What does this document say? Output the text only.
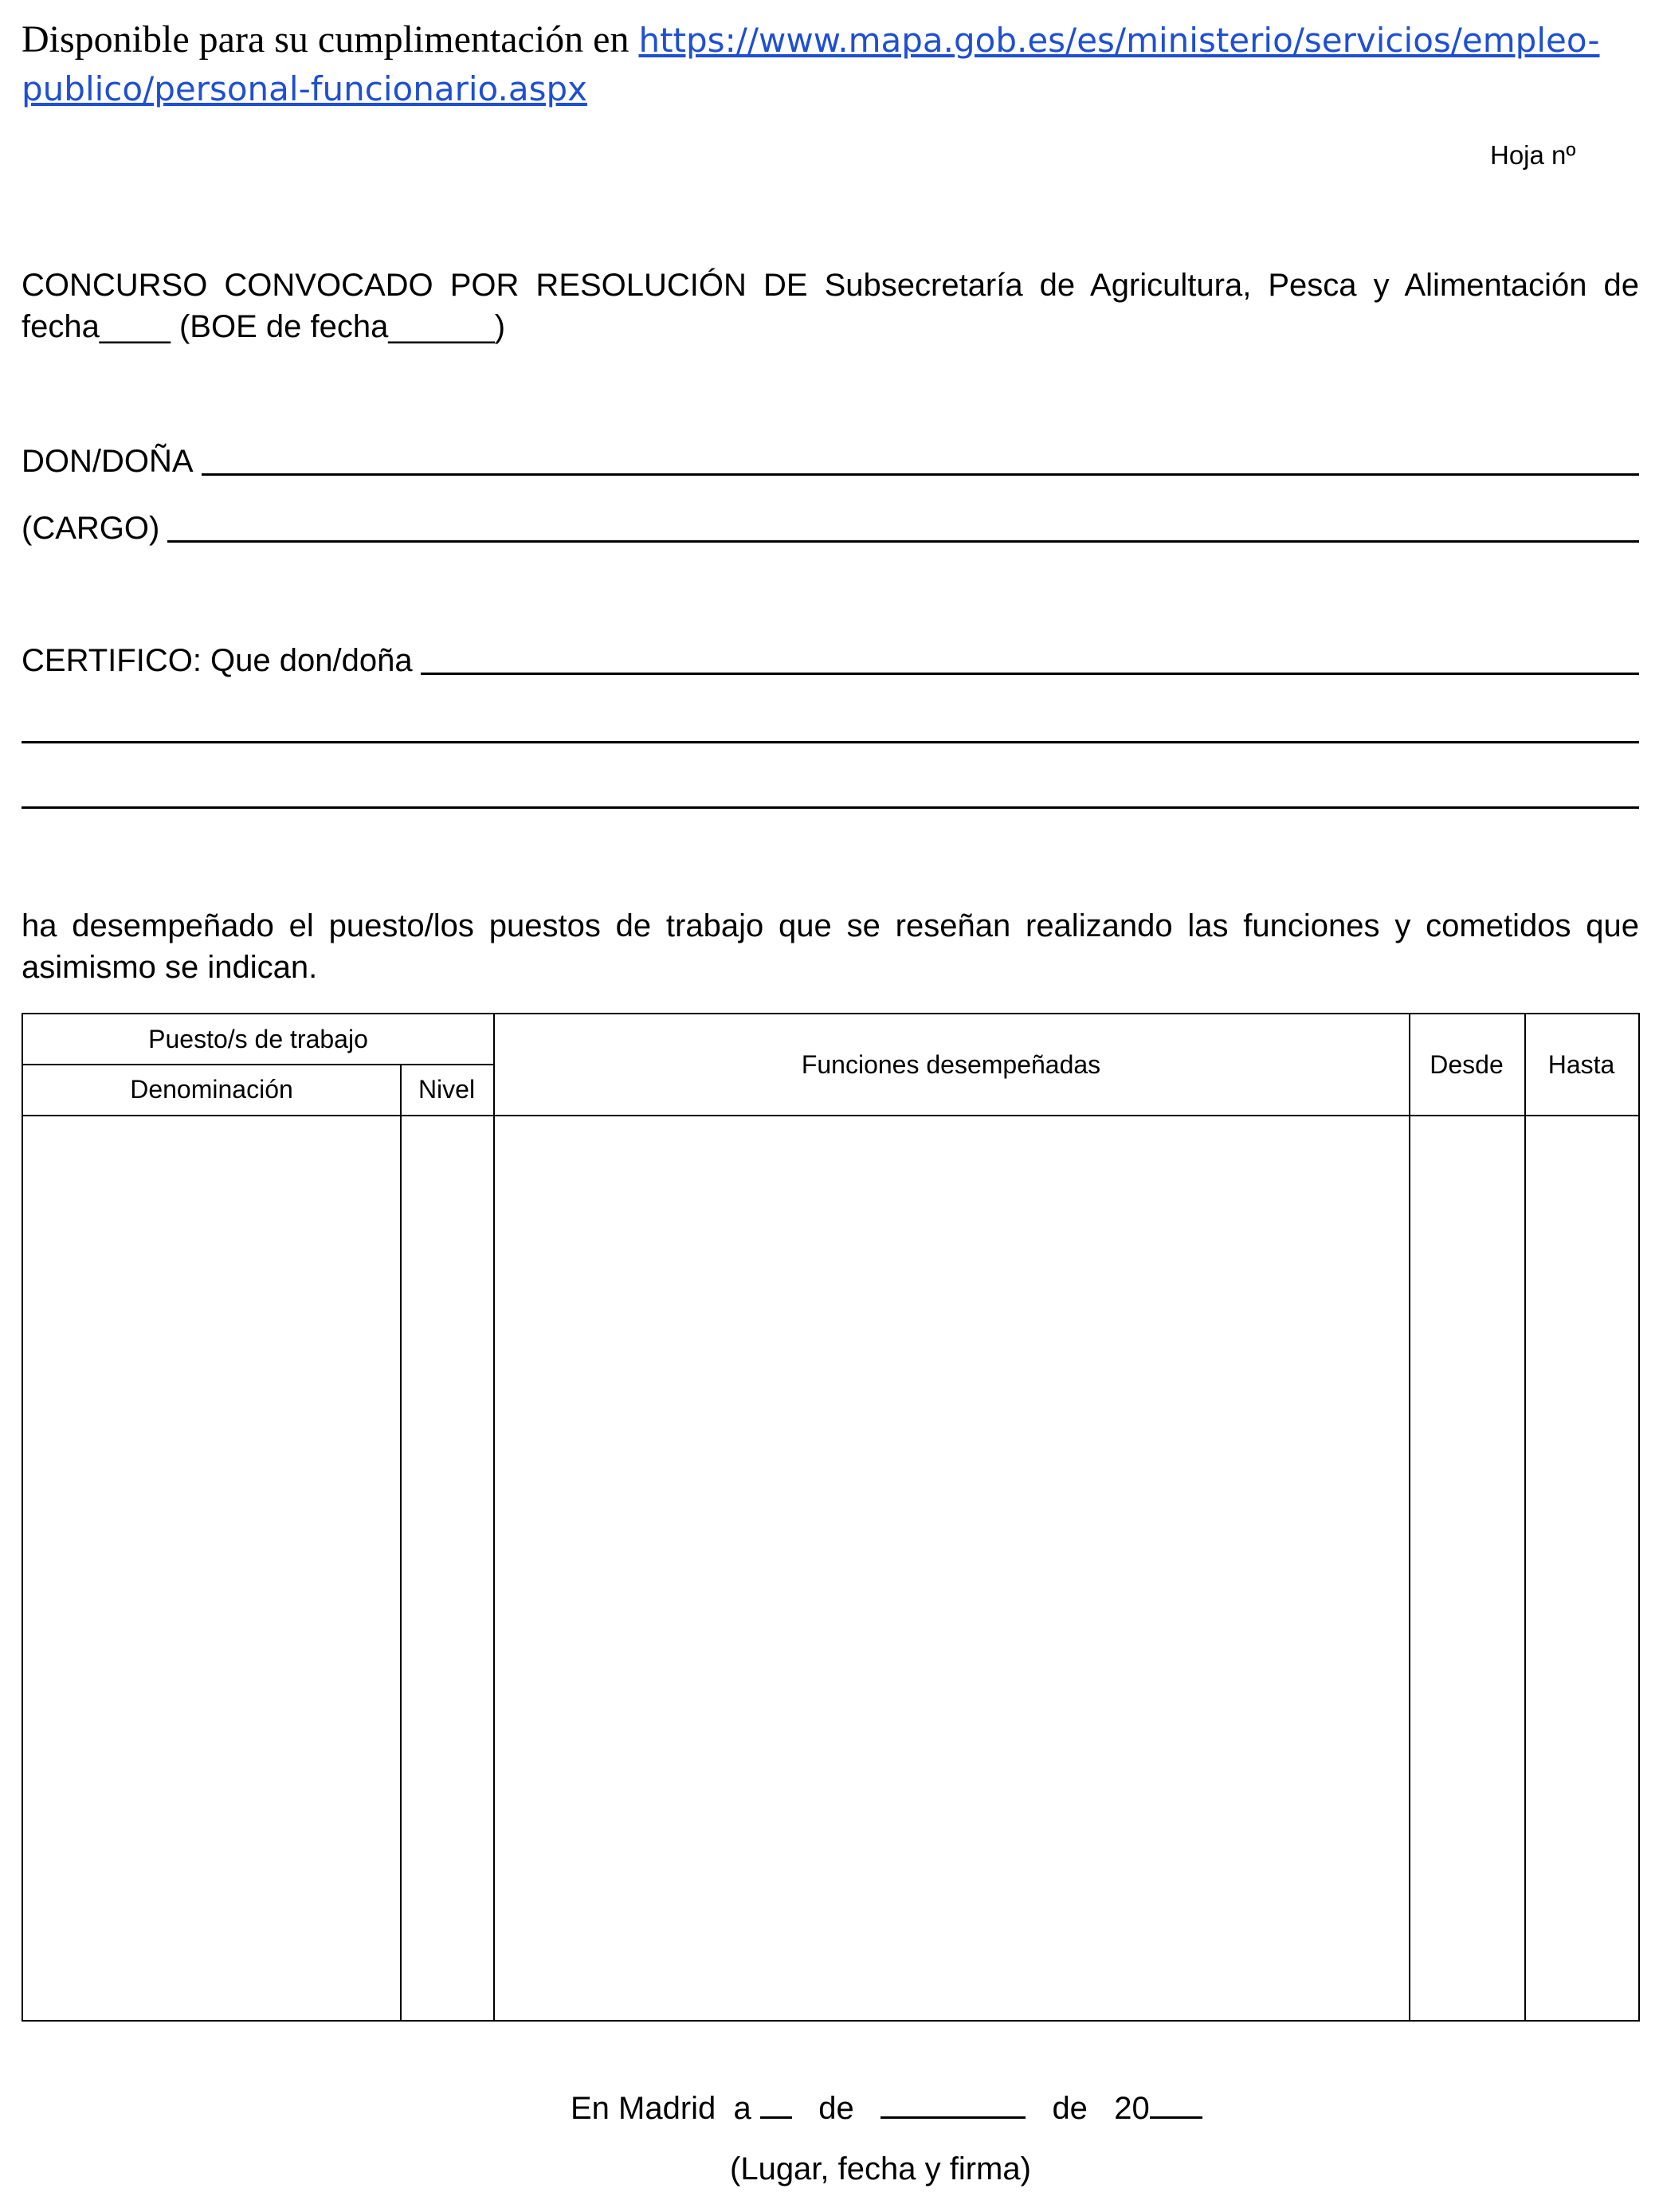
Disponible para su cumplimentación en https://www.mapa.gob.es/es/ministerio/servicios/empleo-publico/personal-funcionario.aspx
Hoja nº
CONCURSO CONVOCADO POR RESOLUCIÓN DE Subsecretaría de Agricultura, Pesca y Alimentación de fecha____ (BOE de fecha______)
DON/DOÑA
(CARGO)
CERTIFICO: Que don/doña
ha desempeñado el puesto/los puestos de trabajo que se reseñan realizando las funciones y cometidos que asimismo se indican.
Puesto/s de trabajo
Denominación	Nivel
Funciones desempeñadas	Desde	Hasta
En Madrid  a de	de 20
(Lugar, fecha y firma)
